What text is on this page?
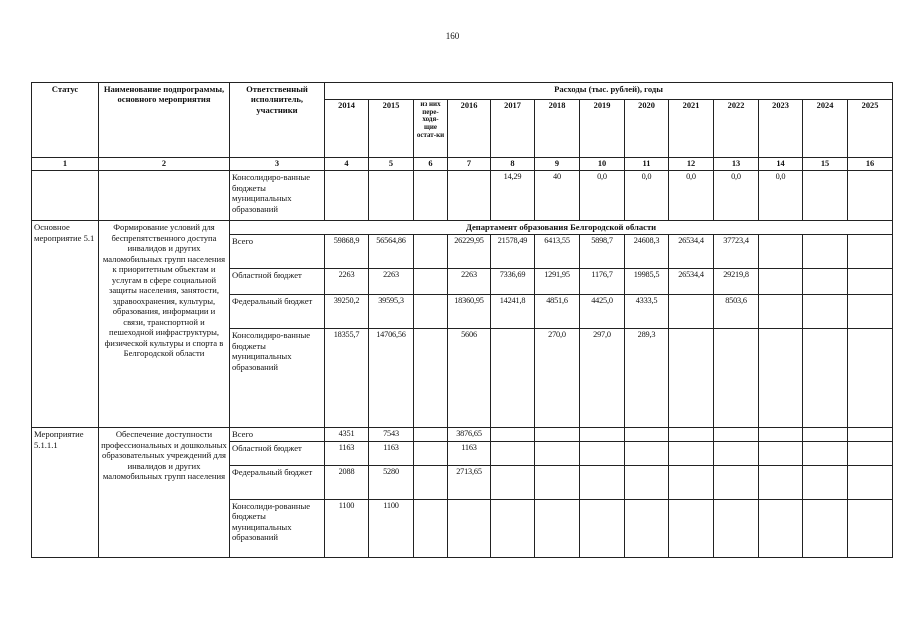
160
Статус	Наименование подпрограммы, основного мероприятия	Ответственный исполнитель, участники	Расходы (тыс. рублей), годы												
			2014	2015	из них пере-ходя-щие остат-ки	2016	2017	2018	2019	2020	2021	2022	2023	2024	2025
1	2	3	4	5	6	7	8	9	10	11	12	13	14	15	16
		Консолидиро-ванные бюджеты муниципальных образований					14,29	40	0,0	0,0	0,0	0,0	0,0		
Основное мероприятие 5.1	Формирование условий для беспрепятственного доступа инвалидов и других маломобильных групп населения к приоритетным объектам и услугам в сфере социальной защиты населения, занятости, здравоохранения, культуры, образования, информации и связи, транспортной и пешеходной инфраструктуры, физической культуры и спорта в Белгородской области	Департамент образования Белгородской области													
		Всего	59868,9	56564,86		26229,95	21578,49	6413,55	5898,7	24608,3	26534,4	37723,4			
		Областной бюджет	2263	2263		2263	7336,69	1291,95	1176,7	19985,5	26534,4	29219,8			
		Федеральный бюджет	39250,2	39595,3		18360,95	14241,8	4851,6	4425,0	4333,5		8503,6			
		Консолидиро-ванные бюджеты муниципальных образований	18355,7	14706,56		5606		270,0	297,0	289,3					
Мероприятие 5.1.1.1	Обеспечение доступности профессиональных и дошкольных образовательных учреждений для инвалидов и других маломобильных групп населения	Всего	4351	7543		3876,65									
		Областной бюджет	1163	1163		1163									
		Федеральный бюджет	2088	5280		2713,65									
		Консолиди-рованные бюджеты муниципальных образований	1100	1100											
